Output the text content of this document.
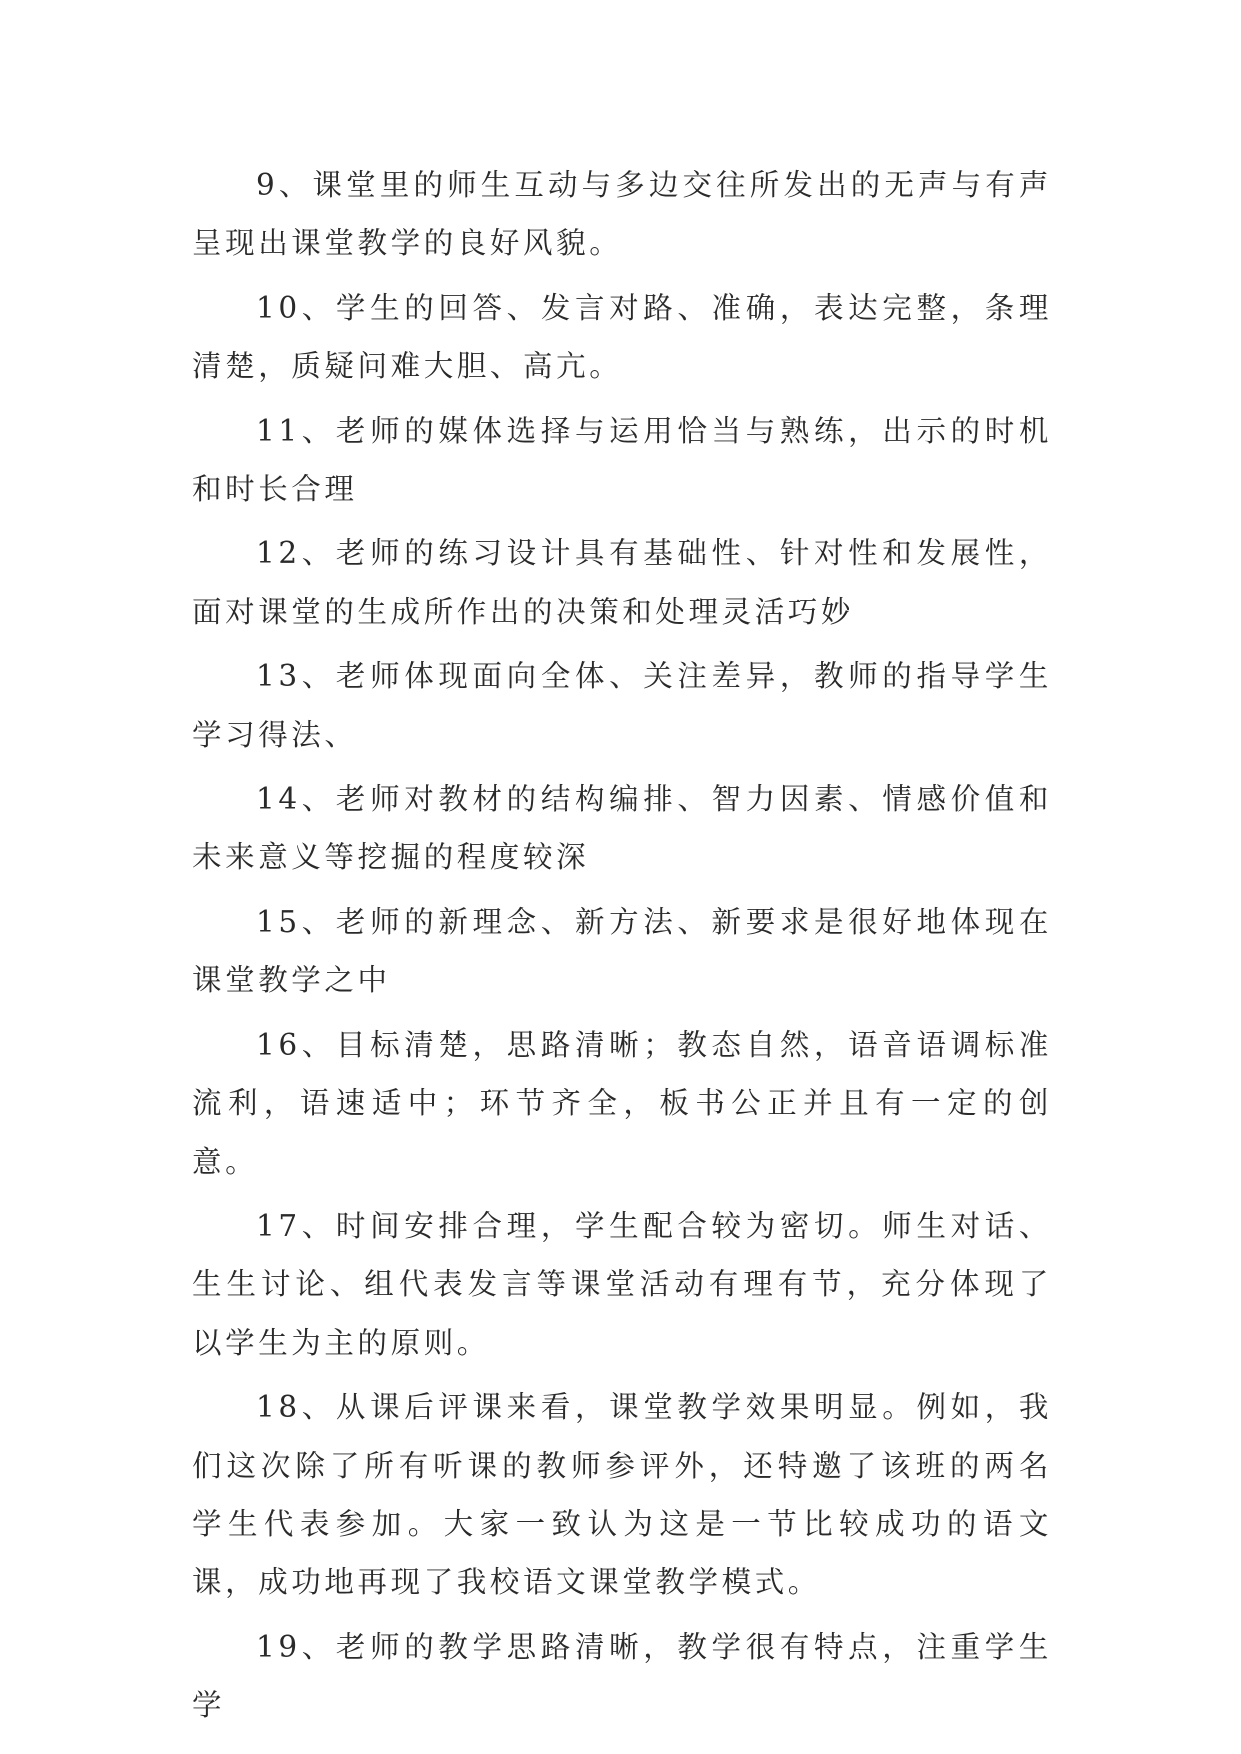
9、课堂里的师生互动与多边交往所发出的无声与有声呈现出课堂教学的良好风貌。

10、学生的回答、发言对路、准确，表达完整，条理清楚，质疑问难大胆、高亢。

11、老师的媒体选择与运用恰当与熟练，出示的时机和时长合理

12、老师的练习设计具有基础性、针对性和发展性，面对课堂的生成所作出的决策和处理灵活巧妙

13、老师体现面向全体、关注差异，教师的指导学生学习得法、

14、老师对教材的结构编排、智力因素、情感价值和未来意义等挖掘的程度较深

15、老师的新理念、新方法、新要求是很好地体现在课堂教学之中

16、目标清楚，思路清晰；教态自然，语音语调标准流利，语速适中；环节齐全，板书公正并且有一定的创意。

17、时间安排合理，学生配合较为密切。师生对话、生生讨论、组代表发言等课堂活动有理有节，充分体现了以学生为主的原则。

18、从课后评课来看，课堂教学效果明显。例如，我们这次除了所有听课的教师参评外，还特邀了该班的两名学生代表参加。大家一致认为这是一节比较成功的语文课，成功地再现了我校语文课堂教学模式。

19、老师的教学思路清晰，教学很有特点，注重学生学
